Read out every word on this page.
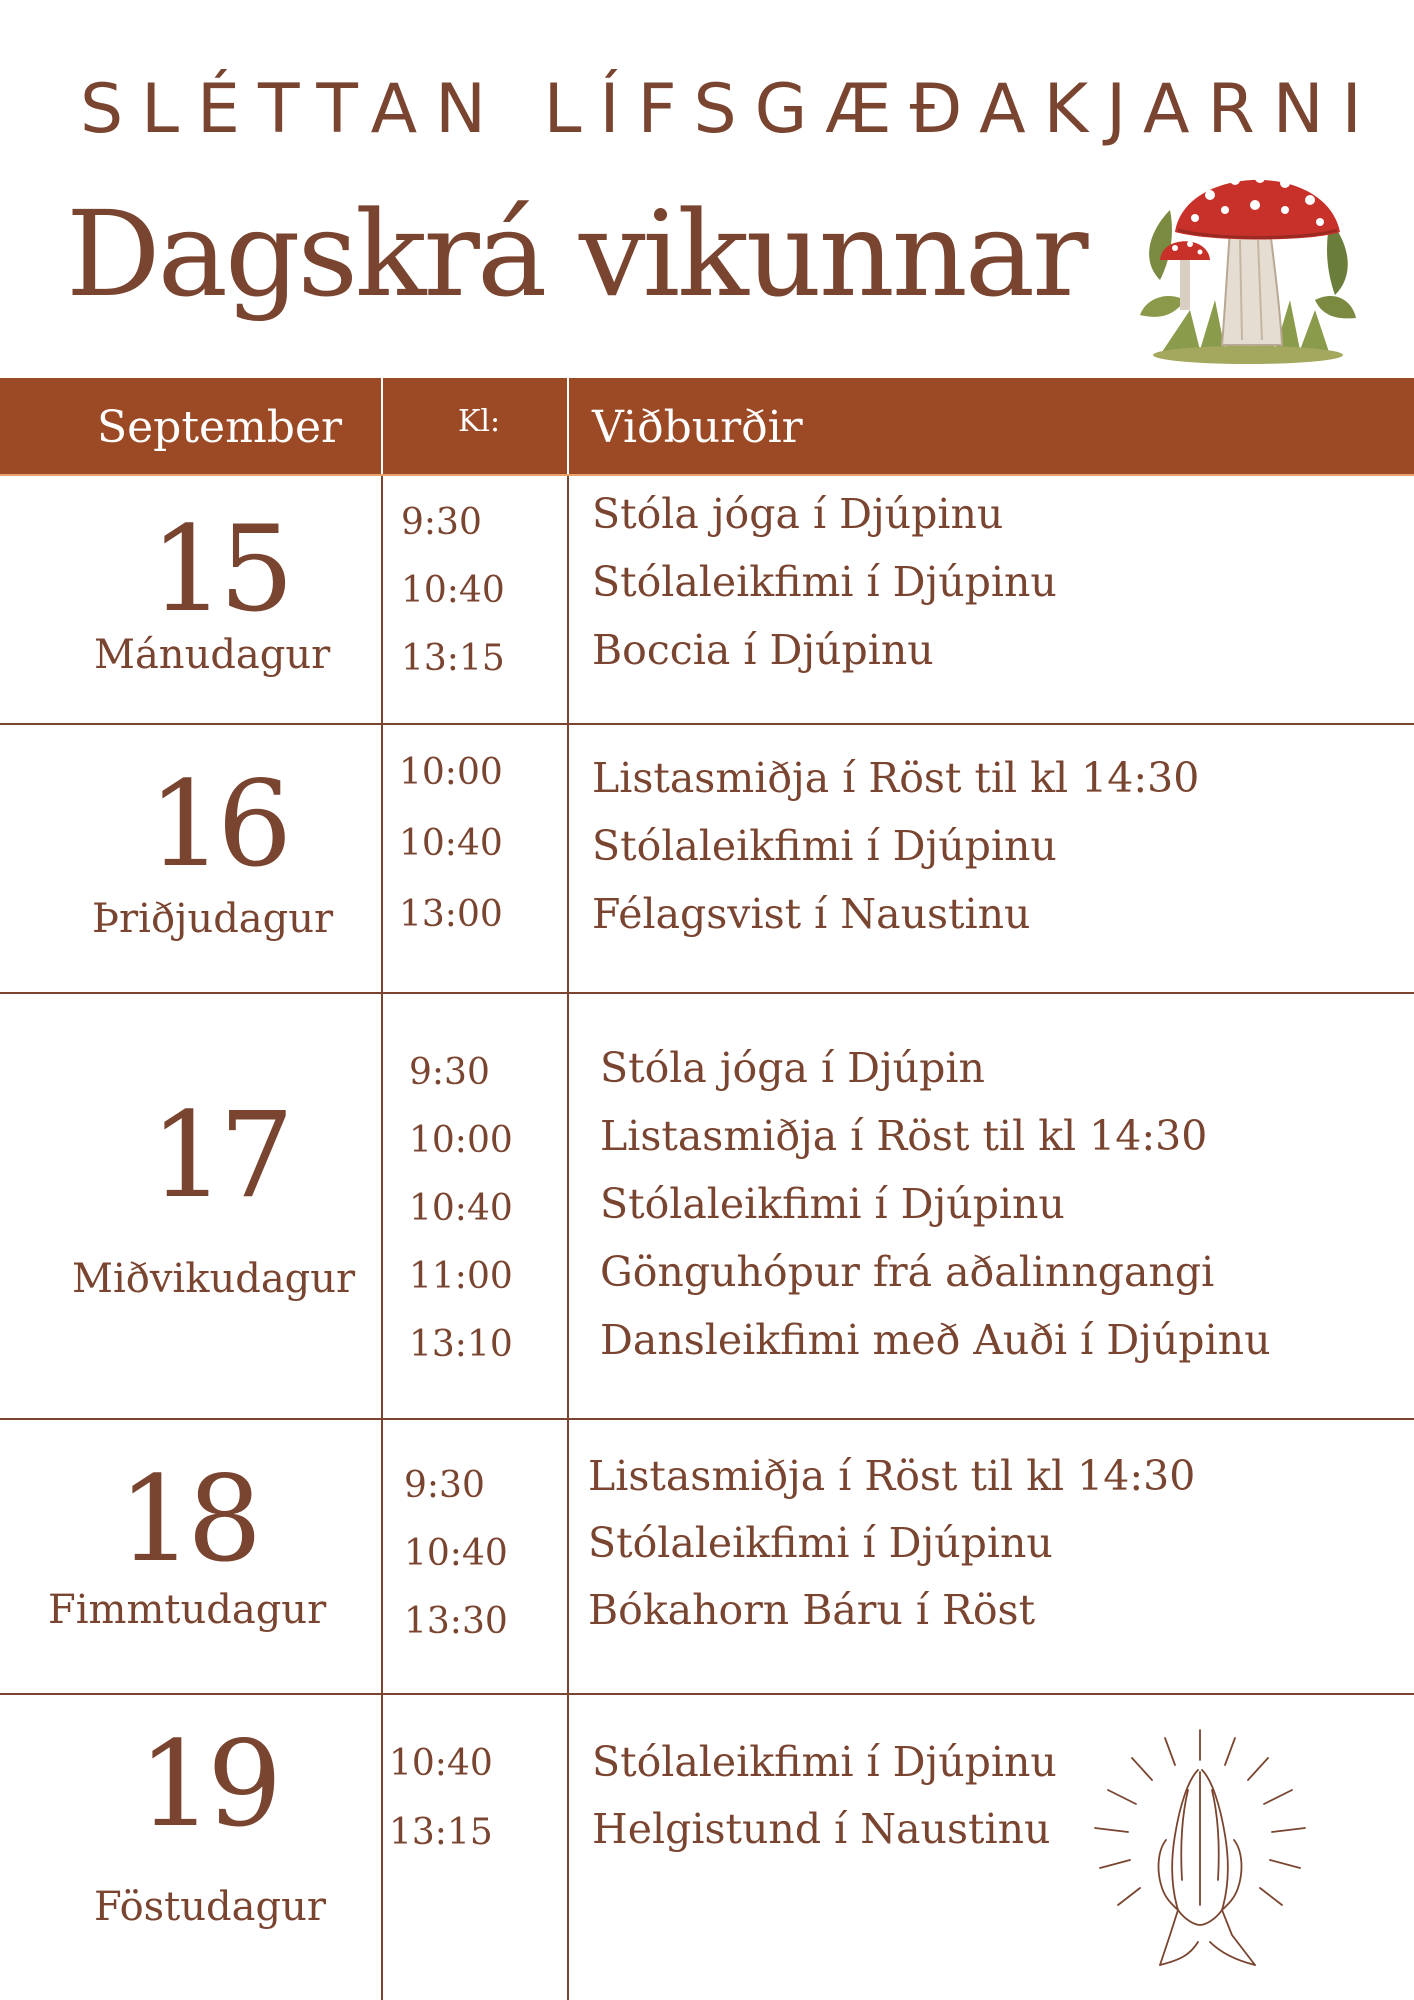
SLÉTTAN LÍFSGÆÐAKJARNI
Dagskrá vikunnar
September	Kl: Viðburðir
15
Mánudagur
9:30
10:40
13:15
Stóla jóga í Djúpinu
Stólaleikfimi í Djúpinu
Boccia í Djúpinu
16
Þriðjudagur
10:00
10:40
13:00
Listasmiðja í Röst til kl 14:30
Stólaleikfimi í Djúpinu
Félagsvist í Naustinu
17
Miðvikudagur
9:30
10:00
10:40
11:00
13:10
Stóla jóga í Djúpin
Listasmiðja í Röst til kl 14:30
Stólaleikfimi í Djúpinu
Gönguhópur frá aðalinngangi
Dansleikfimi með Auði í Djúpinu
18
Fimmtudagur
9:30
10:40
13:30
Listasmiðja í Röst til kl 14:30
Stólaleikfimi í Djúpinu
Bókahorn Báru í Röst
19
Föstudagur
10:40
13:15
Stólaleikfimi í Djúpinu
Helgistund í Naustinu
